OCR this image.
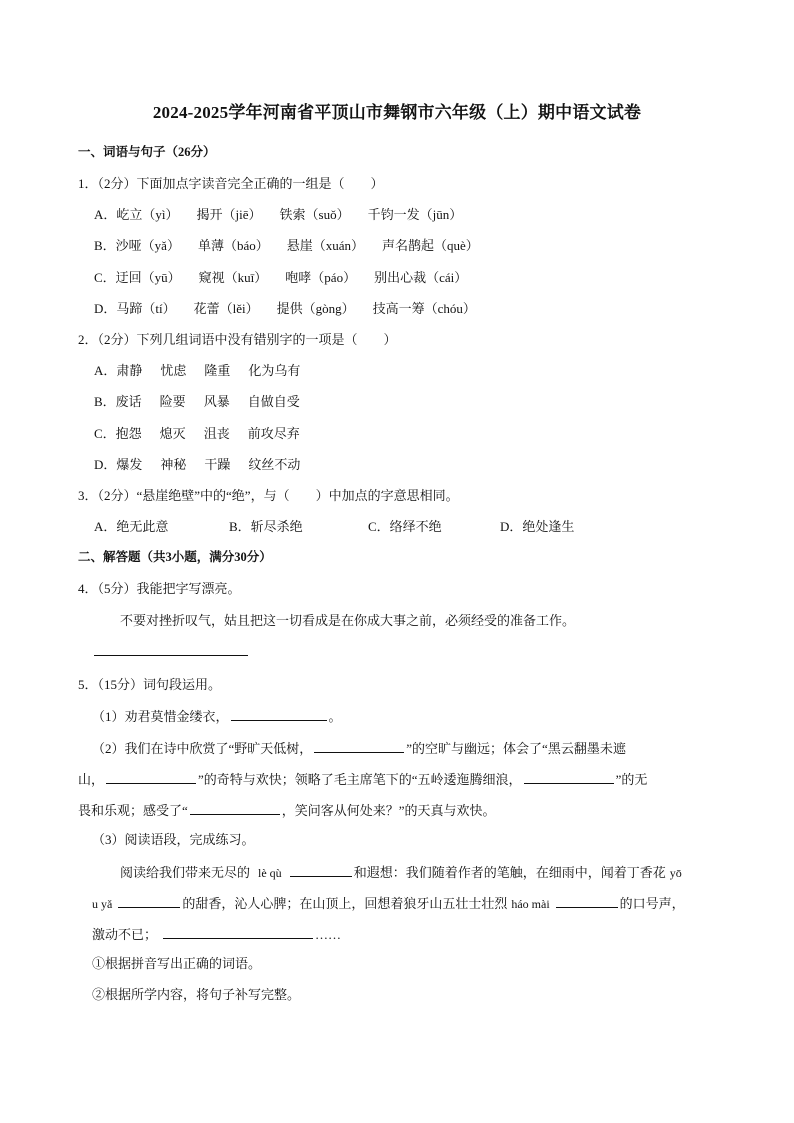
2024-2025学年河南省平顶山市舞钢市六年级（上）期中语文试卷
一、词语与句子（26分）
1．（2分）下面加点字读音完全正确的一组是（　　）
A．屹立（yì） 揭开（jiē） 铁索（suǒ） 千钧一发（jūn）
B．沙哑（yǎ） 单薄（báo） 悬崖（xuán） 声名鹊起（què）
C．迂回（yū） 窥视（kuī） 咆哮（páo） 别出心裁（cái）
D．马蹄（tí） 花蕾（lěi） 提供（gòng） 技高一筹（chóu）
2．（2分）下列几组词语中没有错别字的一项是（　　）
A．肃静 忧虑 隆重 化为乌有
B．废话 险要 风暴 自做自受
C．抱怨 熄灭 沮丧 前攻尽弃
D．爆发 神秘 干躁 纹丝不动
3．（2分）“悬崖绝壁”中的“绝”，与（　　）中加点的字意思相同。
A．绝无此意	B．斩尽杀绝	C．络绎不绝	D．绝处逢生
二、解答题（共3小题，满分30分）
4．（5分）我能把字写漂亮。
不要对挫折叹气，姑且把这一切看成是在你成大事之前，必须经受的准备工作。
5．（15分）词句段运用。
（1）劝君莫惜金缕衣，	。
（2）我们在诗中欣赏了“野旷天低树，	”的空旷与幽远；体会了“黑云翻墨未遮
山，	”的奇特与欢快；领略了毛主席笔下的“五岭逶迤腾细浪，	”的无
畏和乐观；感受了“	，笑问客从何处来？”的天真与欢快。
（3）阅读语段，完成练习。
阅读给我们带来无尽的 lè qù	和遐想：我们随着作者的笔触，在细雨中，闻着丁香花 yō
u yǎ	的甜香，沁人心脾；在山顶上，回想着狼牙山五壮士壮烈 háo mài	的口号声，
激动不已；	……
①根据拼音写出正确的词语。
②根据所学内容，将句子补写完整。
